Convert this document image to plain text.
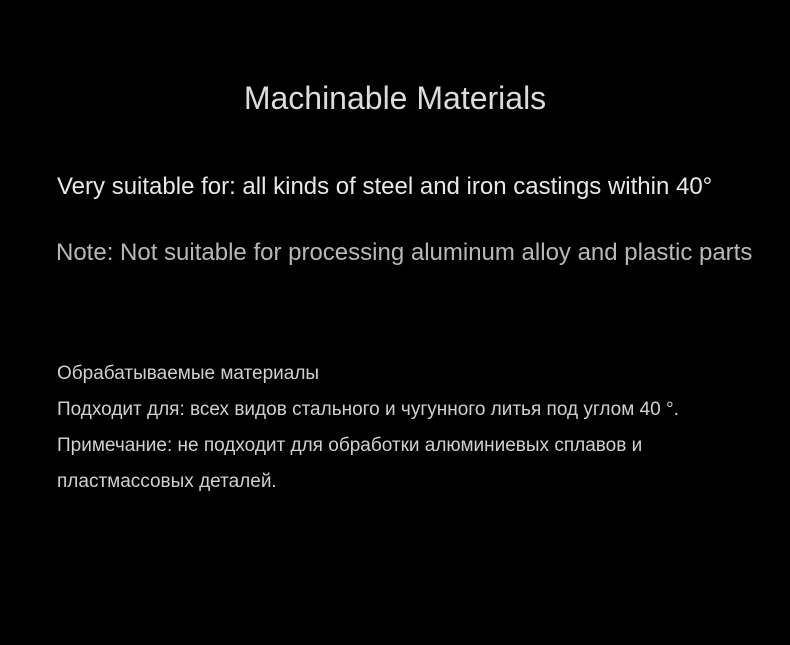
Machinable Materials
Very suitable for: all kinds of steel and iron castings within 40°
Note: Not suitable for processing aluminum alloy and plastic parts
Обрабатываемые материалы
Подходит для: всех видов стального и чугунного литья под углом 40 °.
Примечание: не подходит для обработки алюминиевых сплавов и
пластмассовых деталей.
